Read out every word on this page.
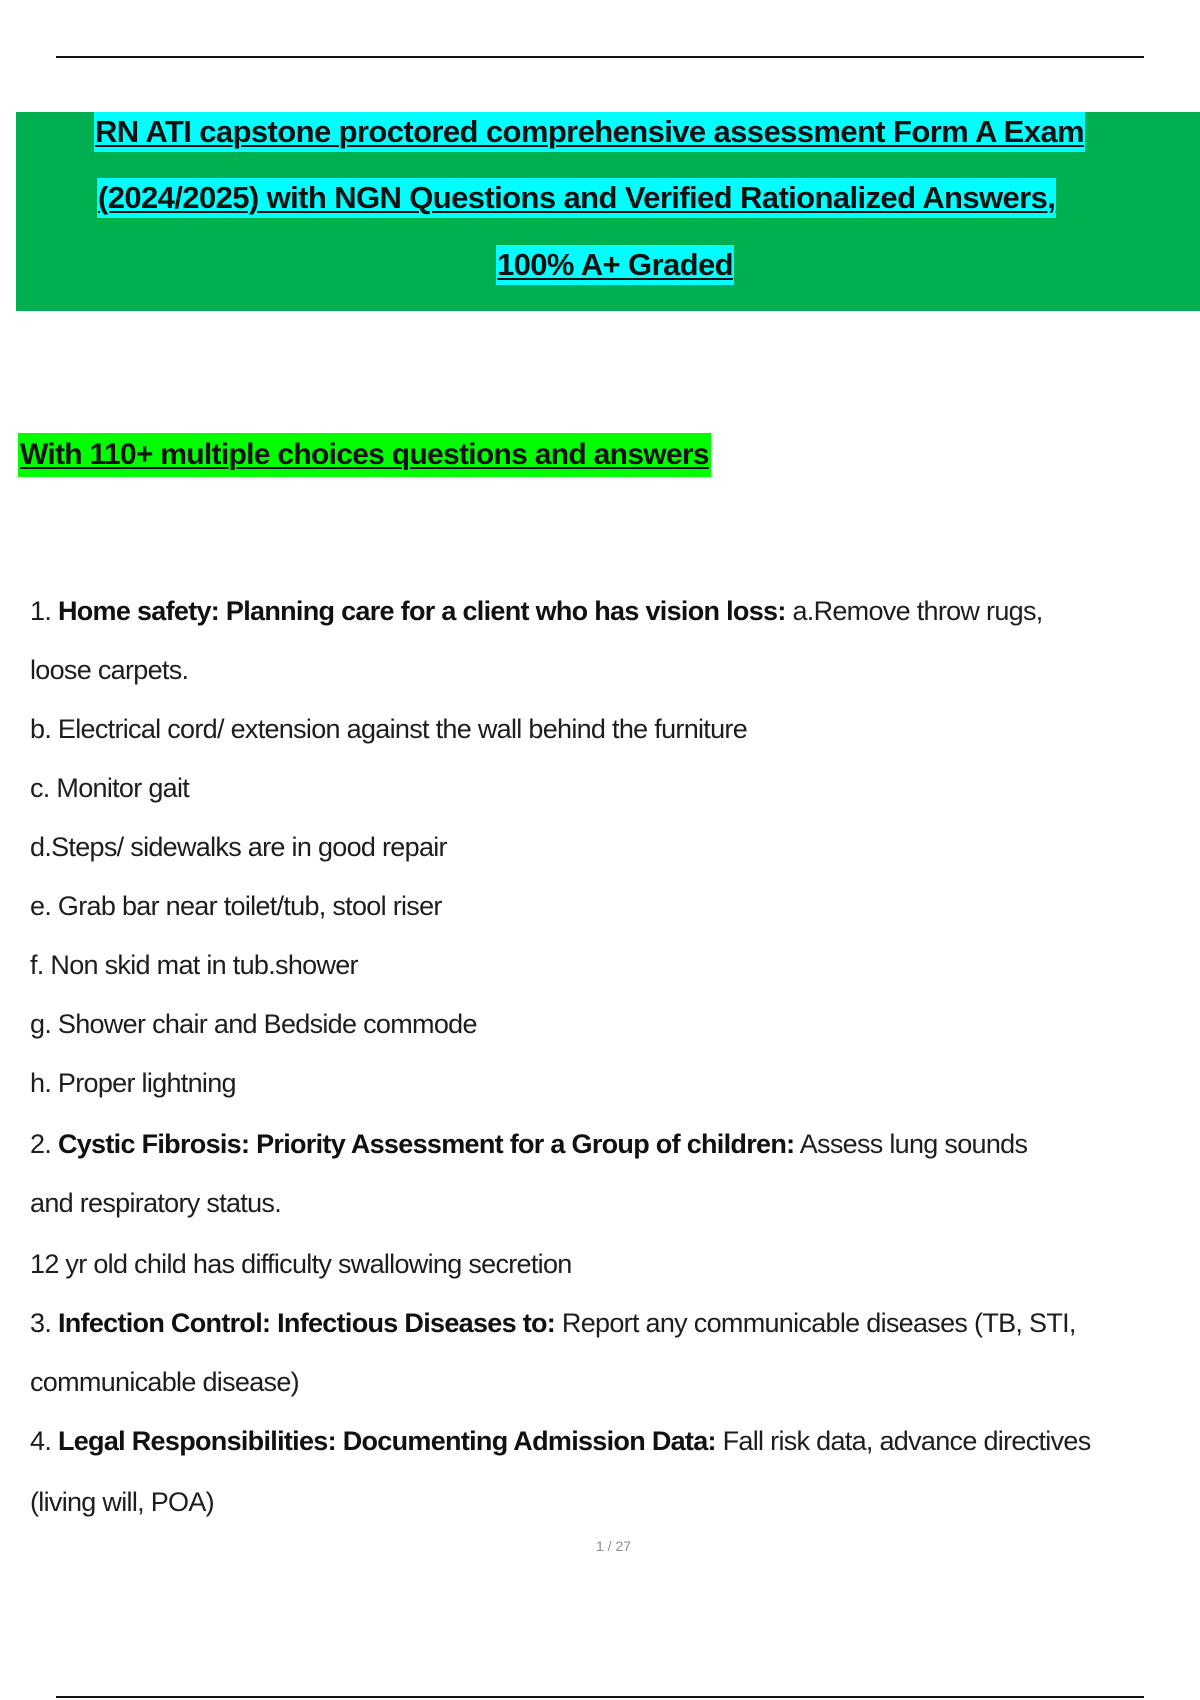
RN ATI capstone proctored comprehensive assessment Form A Exam
(2024/2025) with NGN Questions and Verified Rationalized Answers,
100% A+ Graded
With 110+ multiple choices questions and answers
1. Home safety: Planning care for a client who has vision loss: a.Remove throw rugs,
loose carpets.
b. Electrical cord/ extension against the wall behind the furniture
c. Monitor gait
d.Steps/ sidewalks are in good repair
e. Grab bar near toilet/tub, stool riser
f. Non skid mat in tub.shower
g. Shower chair and Bedside commode
h. Proper lightning
2. Cystic Fibrosis: Priority Assessment for a Group of children: Assess lung sounds
and respiratory status.
12 yr old child has difficulty swallowing secretion
3. Infection Control: Infectious Diseases to: Report any communicable diseases (TB, STI,
communicable disease)
4. Legal Responsibilities: Documenting Admission Data: Fall risk data, advance directives
(living will, POA)
1 / 27
